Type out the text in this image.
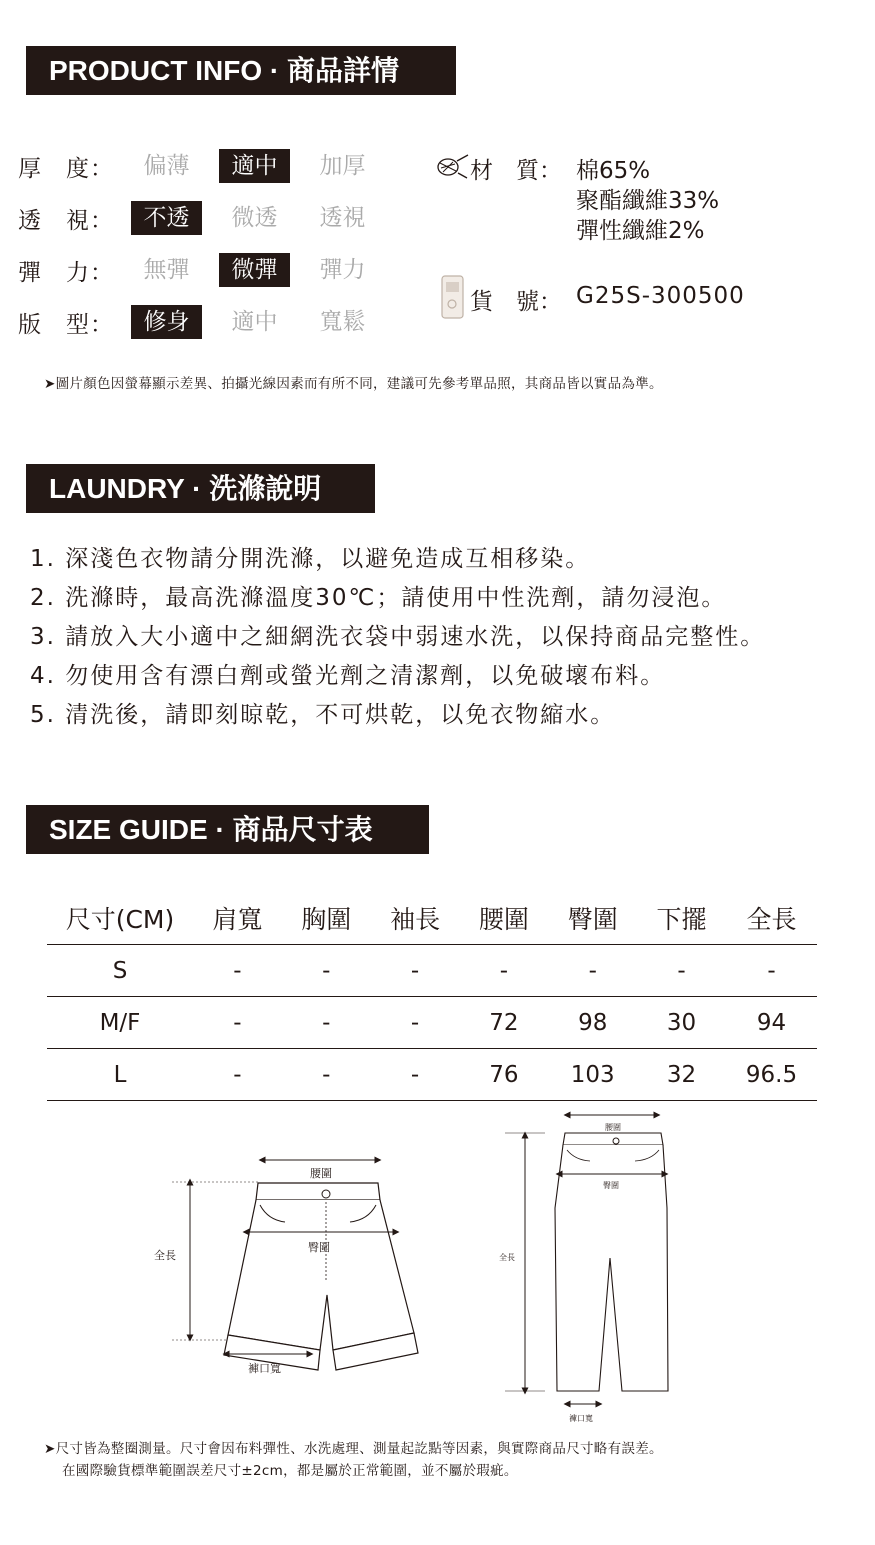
PRODUCT INFO · 商品詳情
厚　度：	偏薄	適中	加厚
透　視：	不透	微透	透視
彈　力：	無彈	微彈	彈力
版　型：	修身	適中	寬鬆
材　質： 棉65%
聚酯纖維33%
彈性纖維2%
貨　號： G25S-300500
➤圖片顏色因螢幕顯示差異、拍攝光線因素而有所不同，建議可先參考單品照，其商品皆以實品為準。
LAUNDRY · 洗滌說明
1. 深淺色衣物請分開洗滌，以避免造成互相移染。
2. 洗滌時，最高洗滌溫度30℃；請使用中性洗劑，請勿浸泡。
3. 請放入大小適中之細網洗衣袋中弱速水洗，以保持商品完整性。
4. 勿使用含有漂白劑或螢光劑之清潔劑，以免破壞布料。
5. 清洗後，請即刻晾乾，不可烘乾，以免衣物縮水。
SIZE GUIDE · 商品尺寸表
尺寸(CM)	肩寬	胸圍	袖長	腰圍	臀圍	下擺	全長
S	-	-	-	-	-	-	-
M/F	-	-	-	72	98	30	94
L	-	-	-	76	103	32	96.5
腰圍
臀圍
全長
褲口寬
腰圍
臀圍
全長
褲口寬
➤尺寸皆為整圈測量。尺寸會因布料彈性、水洗處理、測量起訖點等因素，與實際商品尺寸略有誤差。
在國際驗貨標準範圍誤差尺寸±2cm，都是屬於正常範圍，並不屬於瑕疵。
